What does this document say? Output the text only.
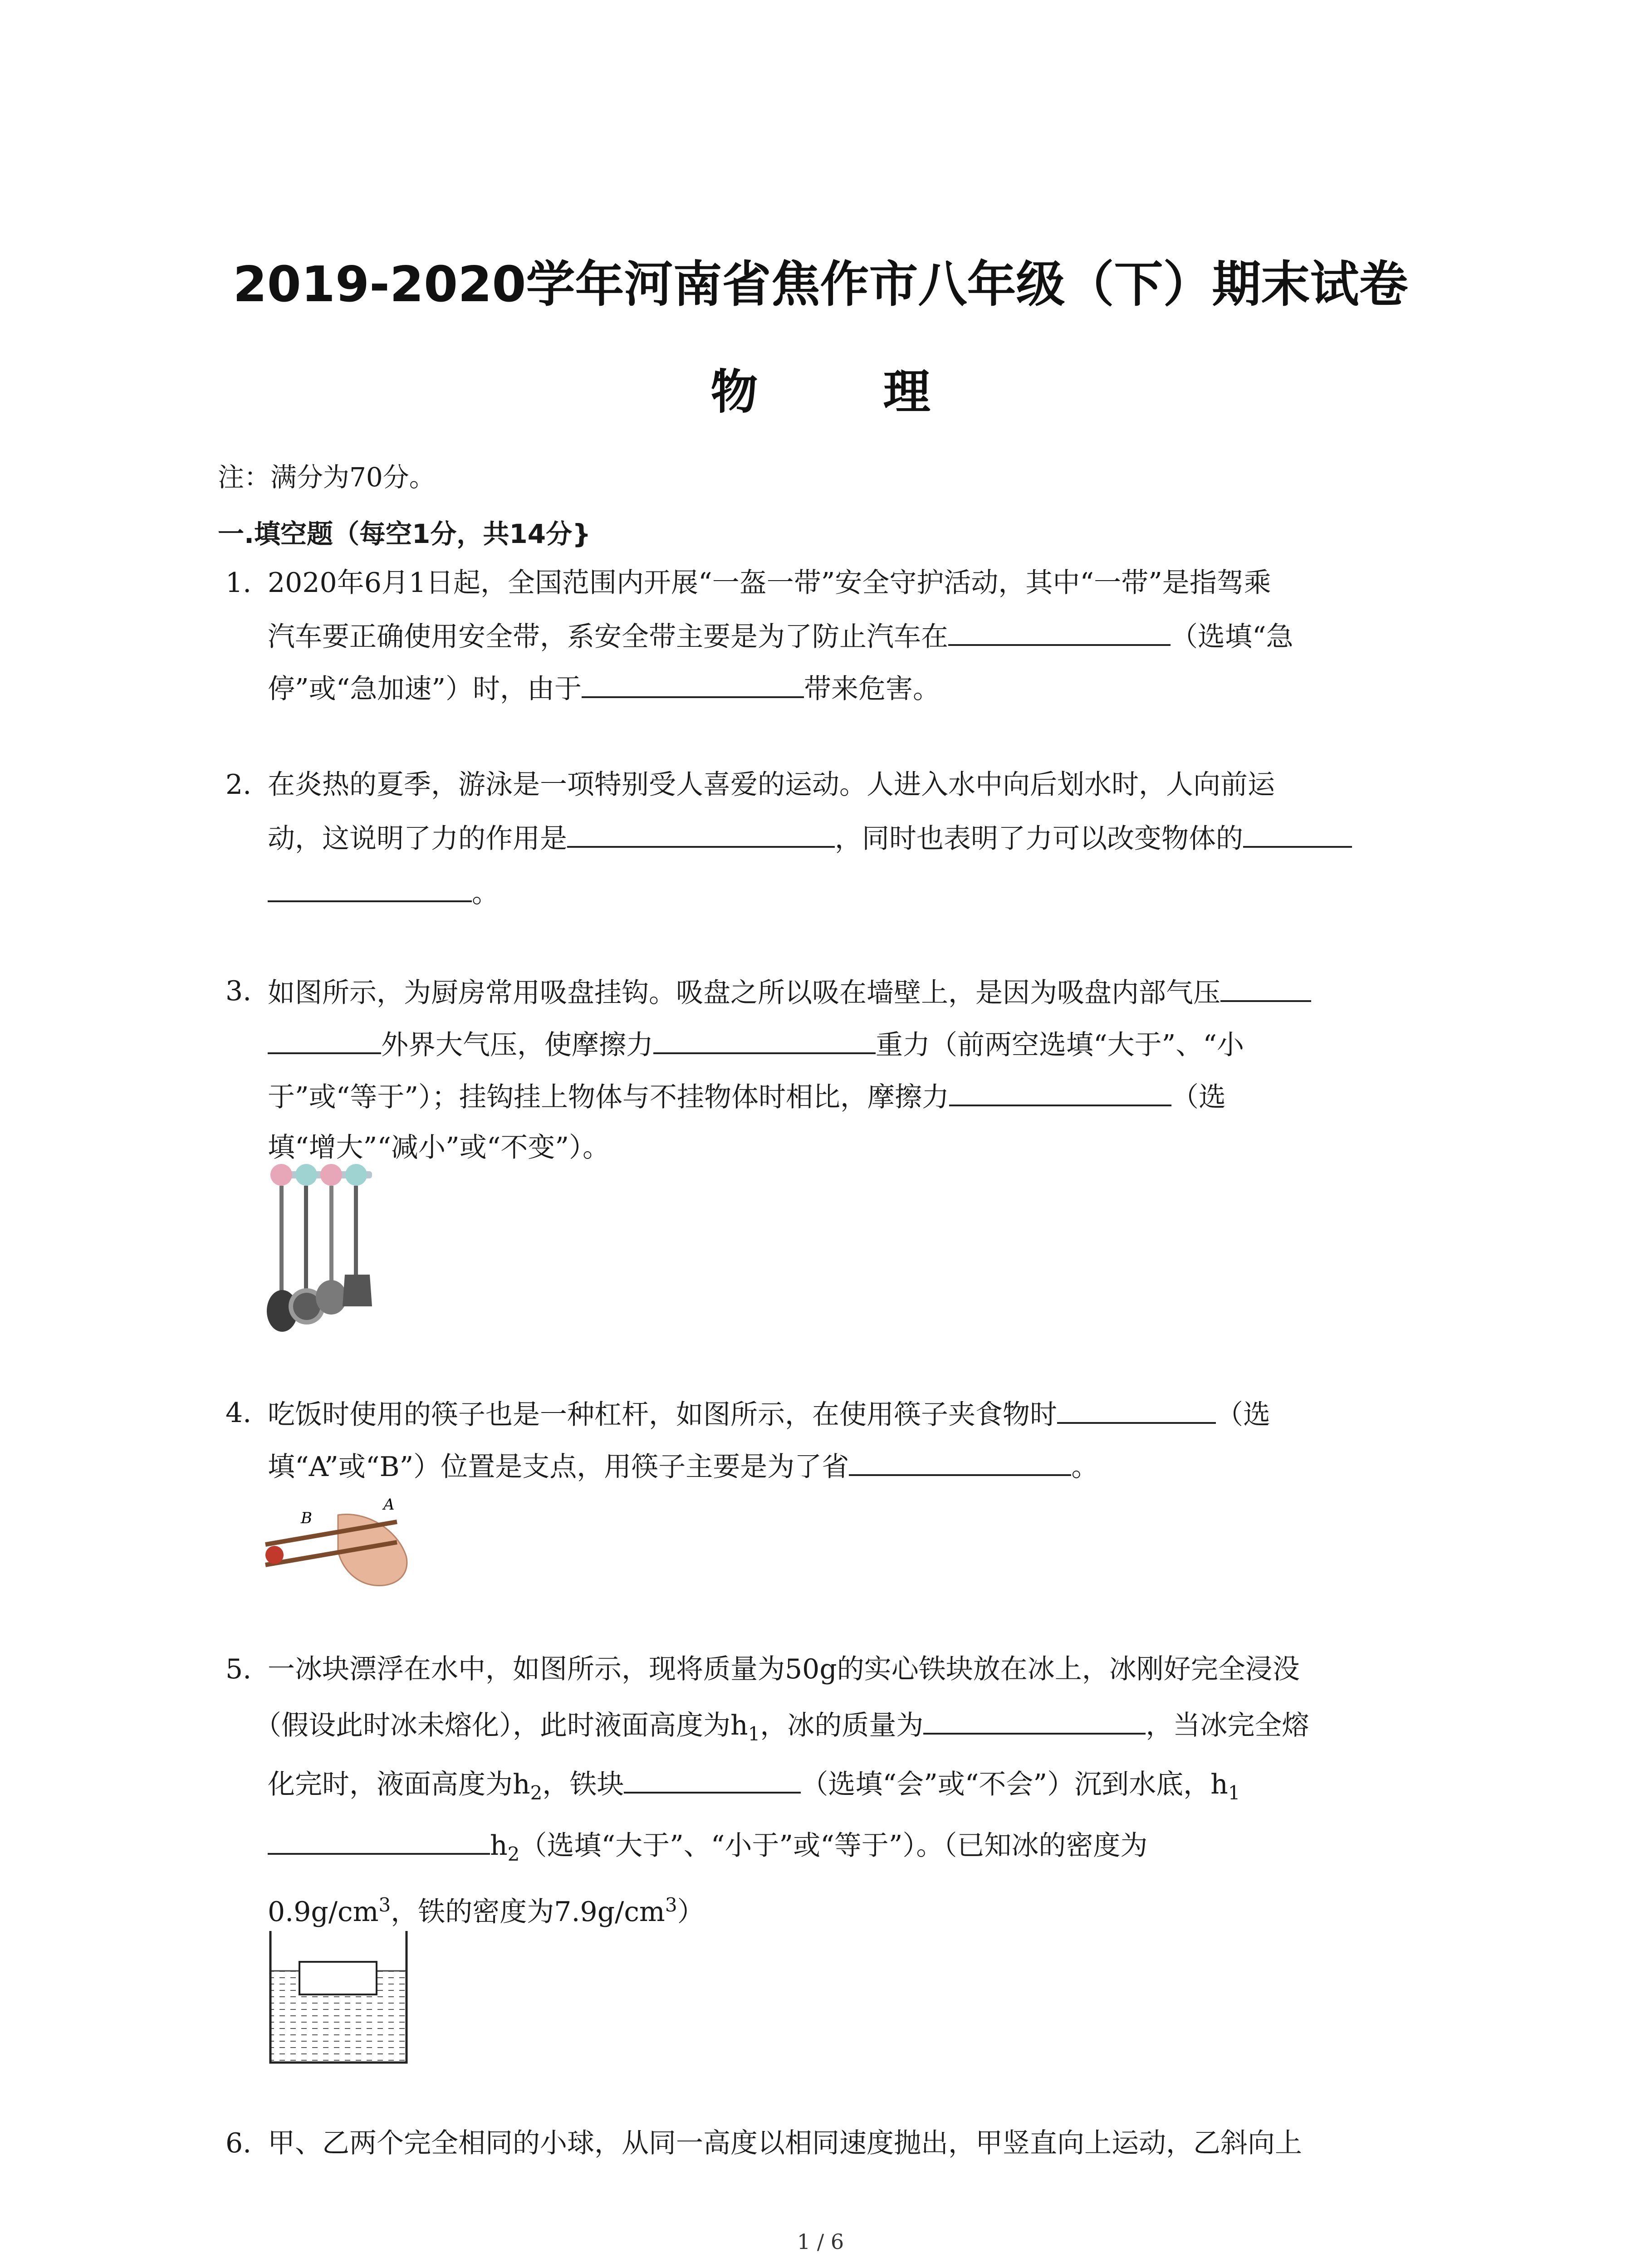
2019-2020学年河南省焦作市八年级（下）期末试卷
物 理
注：满分为70分。
一.填空题（每空1分，共14分}
1. 2020年6月1日起，全国范围内开展“一盔一带”安全守护活动，其中“一带”是指驾乘
汽车要正确使用安全带，系安全带主要是为了防止汽车在	（选填“急
停”或“急加速”）时，由于	带来危害。
2. 在炎热的夏季，游泳是一项特别受人喜爱的运动。人进入水中向后划水时，人向前运
动，这说明了力的作用是	，同时也表明了力可以改变物体的
。
3. 如图所示，为厨房常用吸盘挂钩。吸盘之所以吸在墙壁上，是因为吸盘内部气压
外界大气压，使摩擦力	重力（前两空选填“大于”、“小
于”或“等于”）；挂钩挂上物体与不挂物体时相比，摩擦力	（选
填“增大”“减小”或“不变”）。
4. 吃饭时使用的筷子也是一种杠杆，如图所示，在使用筷子夹食物时	（选
填“A”或“B”）位置是支点，用筷子主要是为了省	。
B
A
5. 一冰块漂浮在水中，如图所示，现将质量为50g的实心铁块放在冰上，冰刚好完全浸没
（假设此时冰未熔化），此时液面高度为$h_1$，冰的质量为	，当冰完全熔
化完时，液面高度为$h_2$，铁块	（选填“会”或“不会”）沉到水底，$h_1$
$h_2$（选填“大于”、“小于”或“等于”）。（已知冰的密度为
$0.9g/cm^3$，铁的密度为$7.9g/cm^3$）
6. 甲、乙两个完全相同的小球，从同一高度以相同速度抛出，甲竖直向上运动，乙斜向上
1 / 6
